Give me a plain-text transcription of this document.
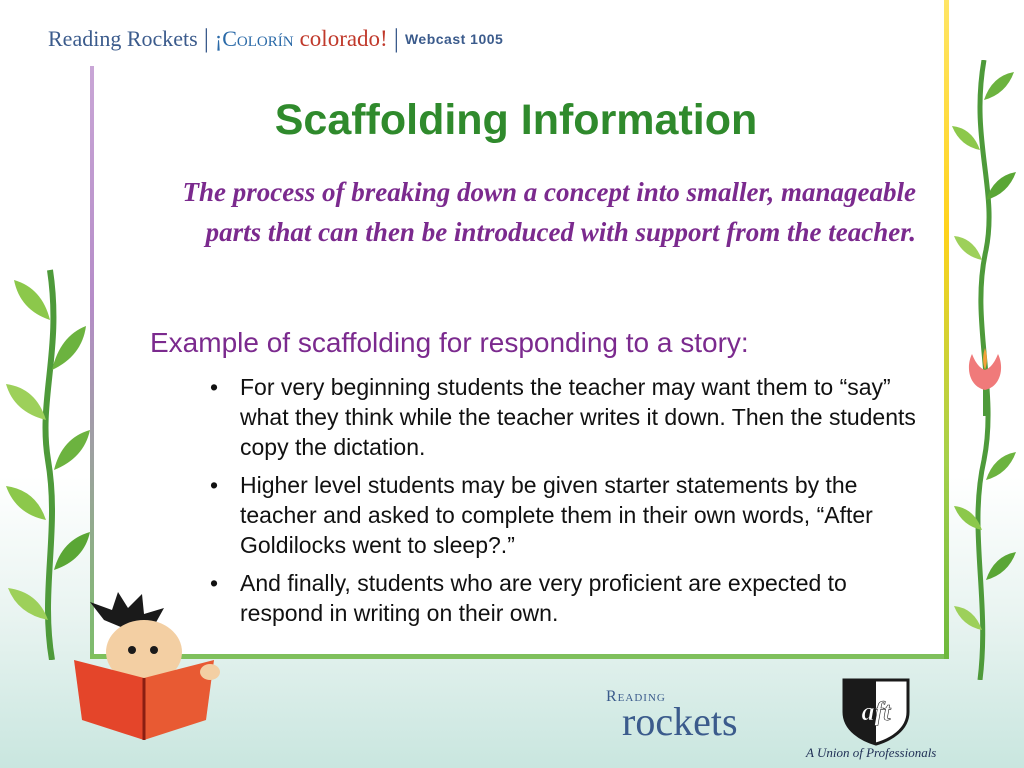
Reading Rockets | ¡Colorín colorado! | Webcast 1005
Scaffolding Information
The process of breaking down a concept into smaller, manageable parts that can then be introduced with support from the teacher.
Example of scaffolding for responding to a story:
• For very beginning students the teacher may want them to “say” what they think while the teacher writes it down. Then the students copy the dictation.
• Higher level students may be given starter statements by the teacher and asked to complete them in their own words, “After Goldilocks went to sleep?.”
• And finally, students who are very proficient are expected to respond in writing on their own.
Reading
rockets	aft
A Union of Professionals
